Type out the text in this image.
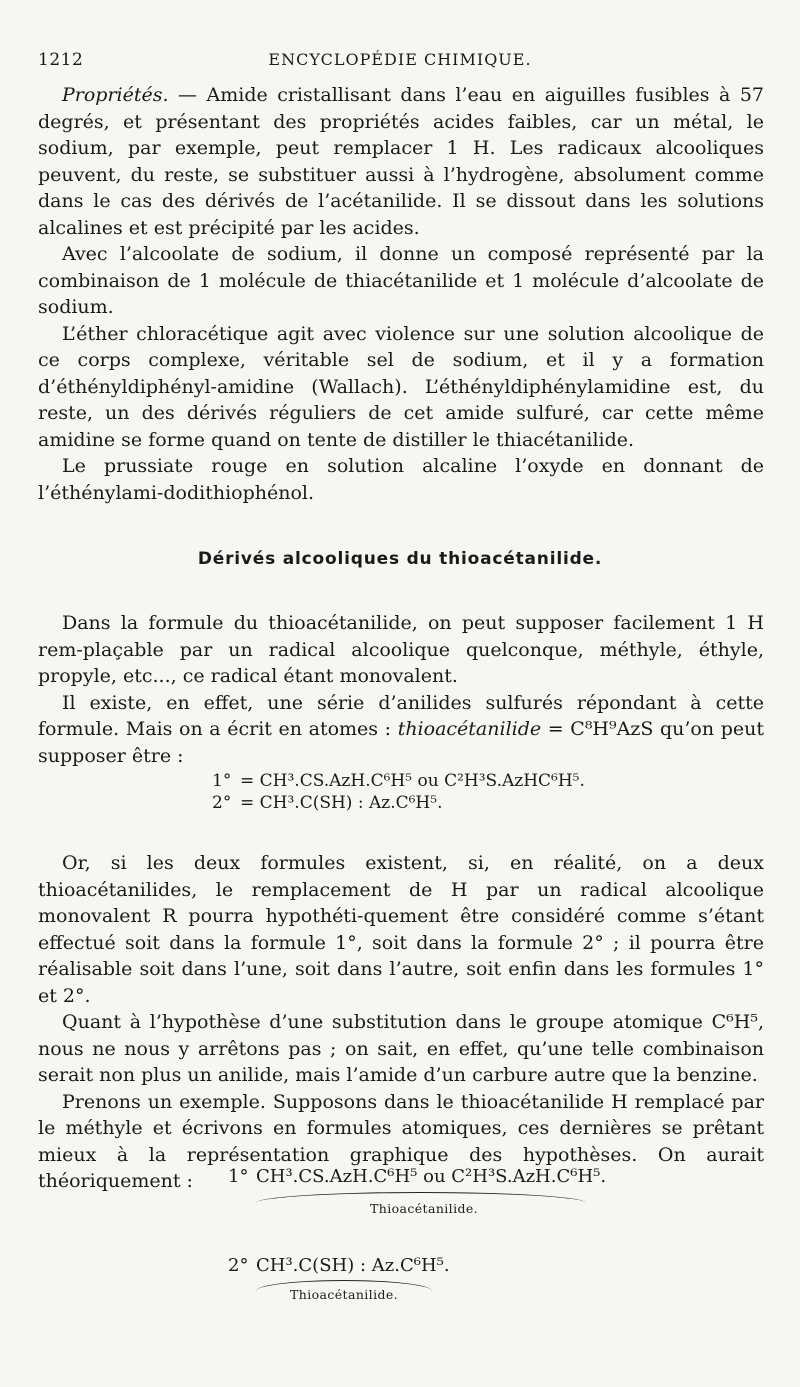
1212	ENCYCLOPÉDIE CHIMIQUE.

Propriétés. — Amide cristallisant dans l’eau en aiguilles fusibles à 57 degrés, et présentant des propriétés acides faibles, car un métal, le sodium, par exemple, peut remplacer 1 H. Les radicaux alcooliques peuvent, du reste, se substituer aussi à l’hydrogène, absolument comme dans le cas des dérivés de l’acétanilide. Il se dissout dans les solutions alcalines et est précipité par les acides.

Avec l’alcoolate de sodium, il donne un composé représenté par la combinaison de 1 molécule de thiacétanilide et 1 molécule d’alcoolate de sodium.

L’éther chloracétique agit avec violence sur une solution alcoolique de ce corps complexe, véritable sel de sodium, et il y a formation d’éthényldiphényl-amidine (Wallach). L’éthényldiphénylamidine est, du reste, un des dérivés réguliers de cet amide sulfuré, car cette même amidine se forme quand on tente de distiller le thiacétanilide.

Le prussiate rouge en solution alcaline l’oxyde en donnant de l’éthénylami-dodithiophénol.

Dérivés alcooliques du thioacétanilide.

Dans la formule du thioacétanilide, on peut supposer facilement 1 H rem-plaçable par un radical alcoolique quelconque, méthyle, éthyle, propyle, etc..., ce radical étant monovalent.

Il existe, en effet, une série d’anilides sulfurés répondant à cette formule. Mais on a écrit en atomes : thioacétanilide = C⁸H⁹AzS qu’on peut supposer être :

1° = CH³.CS.AzH.C⁶H⁵ ou C²H³S.AzHC⁶H⁵.
2° = CH³.C(SH) : Az.C⁶H⁵.

Or, si les deux formules existent, si, en réalité, on a deux thioacétanilides, le remplacement de H par un radical alcoolique monovalent R pourra hypothéti-quement être considéré comme s’étant effectué soit dans la formule 1°, soit dans la formule 2° ; il pourra être réalisable soit dans l’une, soit dans l’autre, soit enfin dans les formules 1° et 2°.

Quant à l’hypothèse d’une substitution dans le groupe atomique C⁶H⁵, nous ne nous y arrêtons pas ; on sait, en effet, qu’une telle combinaison serait non plus un anilide, mais l’amide d’un carbure autre que la benzine.

Prenons un exemple. Supposons dans le thioacétanilide H remplacé par le méthyle et écrivons en formules atomiques, ces dernières se prêtant mieux à la représentation graphique des hypothèses. On aurait théoriquement :	1° CH³.CS.AzH.C⁶H⁵ ou C²H³S.AzH.C⁶H⁵.
Thioacétanilide.
2° CH³.C(SH) : Az.C⁶H⁵.
Thioacétanilide.
